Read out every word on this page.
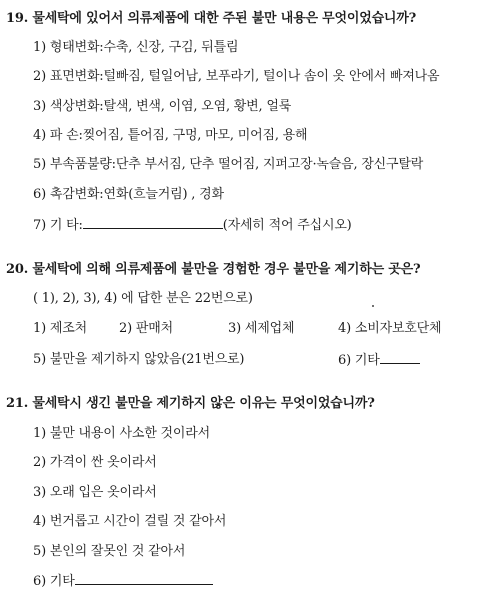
19. 물세탁에 있어서 의류제품에 대한 주된 불만 내용은 무엇이었습니까?
1) 형태변화:수축, 신장, 구김, 뒤틀림
2) 표면변화:털빠짐, 털일어남, 보푸라기, 털이나 솜이 옷 안에서 빠져나옴
3) 색상변화:탈색, 변색, 이염, 오염, 황변, 얼룩
4) 파 손:찢어짐, 틑어짐, 구멍, 마모, 미어짐, 용해
5) 부속품불량:단추 부서짐, 단추 떨어짐, 지퍼고장·녹슬음, 장신구탈락
6) 촉감변화:연화(흐늘거림) , 경화
7) 기 타:	(자세히 적어 주십시오)
20. 물세탁에 의해 의류제품에 불만을 경험한 경우 불만을 제기하는 곳은?
( 1), 2), 3), 4) 에 답한 분은 22번으로)
1) 제조처 2) 판매처	3) 세제업체	4) 소비자보호단체
5) 불만을 제기하지 않았음(21번으로)	6) 기타
21. 물세탁시 생긴 불만을 제기하지 않은 이유는 무엇이었습니까?
1) 불만 내용이 사소한 것이라서
2) 가격이 싼 옷이라서
3) 오래 입은 옷이라서
4) 번거롭고 시간이 걸릴 것 같아서
5) 본인의 잘못인 것 같아서
6) 기타
